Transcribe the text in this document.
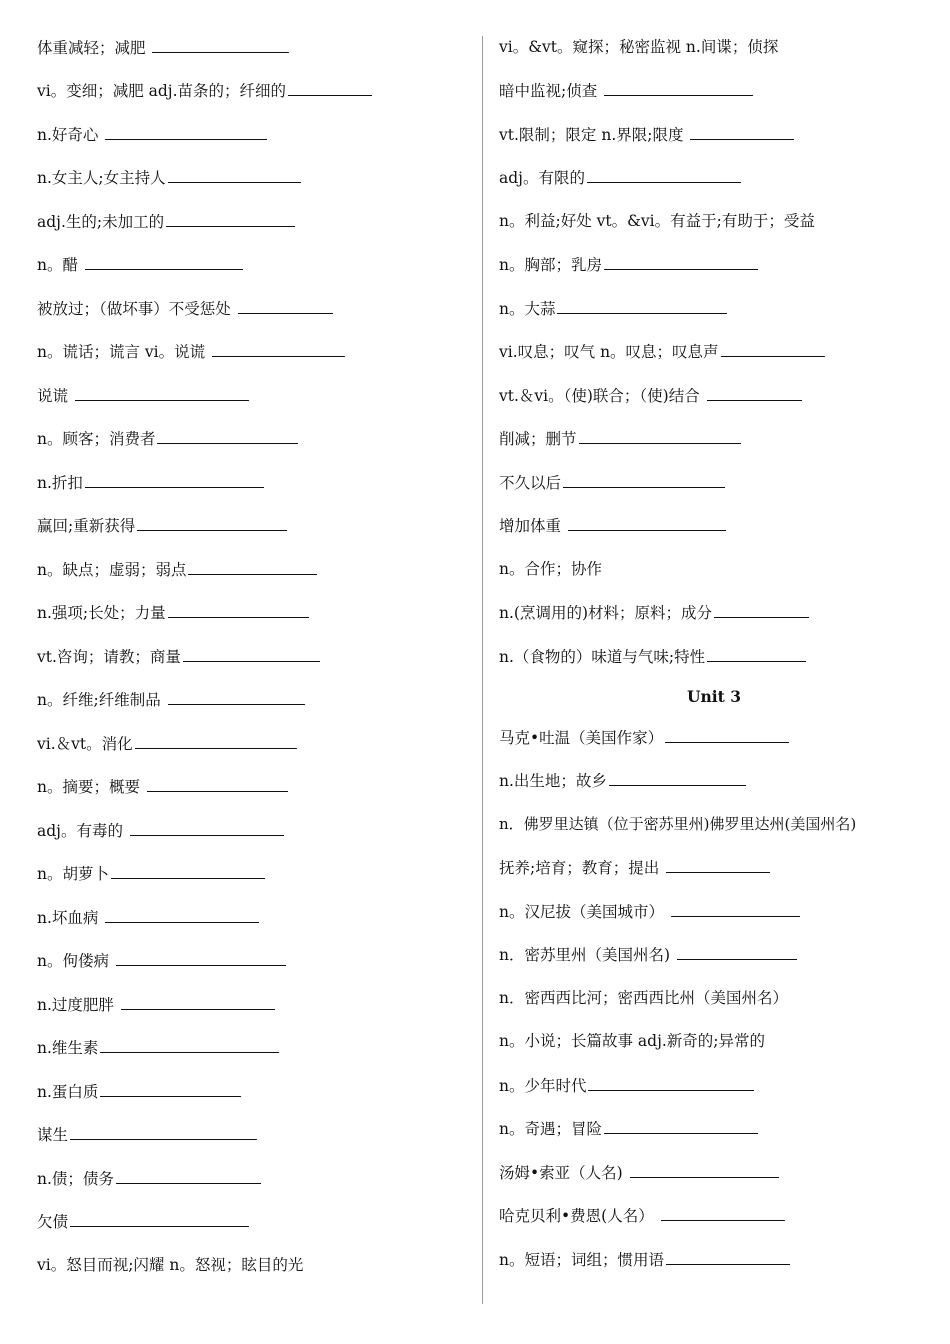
体重减轻；减肥
vi。变细；减肥 adj.苗条的；纤细的
n.好奇心
n.女主人;女主持人
adj.生的;未加工的
n。醋
被放过；（做坏事）不受惩处
n。谎话；谎言 vi。说谎
说谎
n。顾客；消费者
n.折扣
赢回;重新获得
n。缺点；虚弱；弱点
n.强项;长处；力量
vt.咨询；请教；商量
n。纤维;纤维制品
vi.＆vt。消化
n。摘要；概要
adj。有毒的
n。胡萝卜
n.坏血病
n。佝偻病
n.过度肥胖
n.维生素
n.蛋白质
谋生
n.债；债务
欠债
vi。怒目而视;闪耀 n。怒视；眩目的光
vi。&vt。窥探；秘密监视 n.间谍；侦探
暗中监视;侦查
vt.限制；限定 n.界限;限度
adj。有限的
n。利益;好处 vt。&vi。有益于;有助于；受益
n。胸部；乳房
n。大蒜
vi.叹息；叹气 n。叹息；叹息声
vt.＆vi。（使)联合；（使)结合
削减；删节
不久以后
增加体重
n。合作；协作
n.(烹调用的)材料；原料；成分
n.（食物的）味道与气味;特性
Unit 3
马克•吐温（美国作家）
n.出生地；故乡
n．佛罗里达镇（位于密苏里州)佛罗里达州(美国州名)
抚养;培育；教育；提出
n。汉尼拔（美国城市）
n．密苏里州（美国州名)
n．密西西比河；密西西比州（美国州名）
n。小说；长篇故事 adj.新奇的;异常的
n。少年时代
n。奇遇；冒险
汤姆•索亚（人名)
哈克贝利•费恩(人名）
n。短语；词组；惯用语
